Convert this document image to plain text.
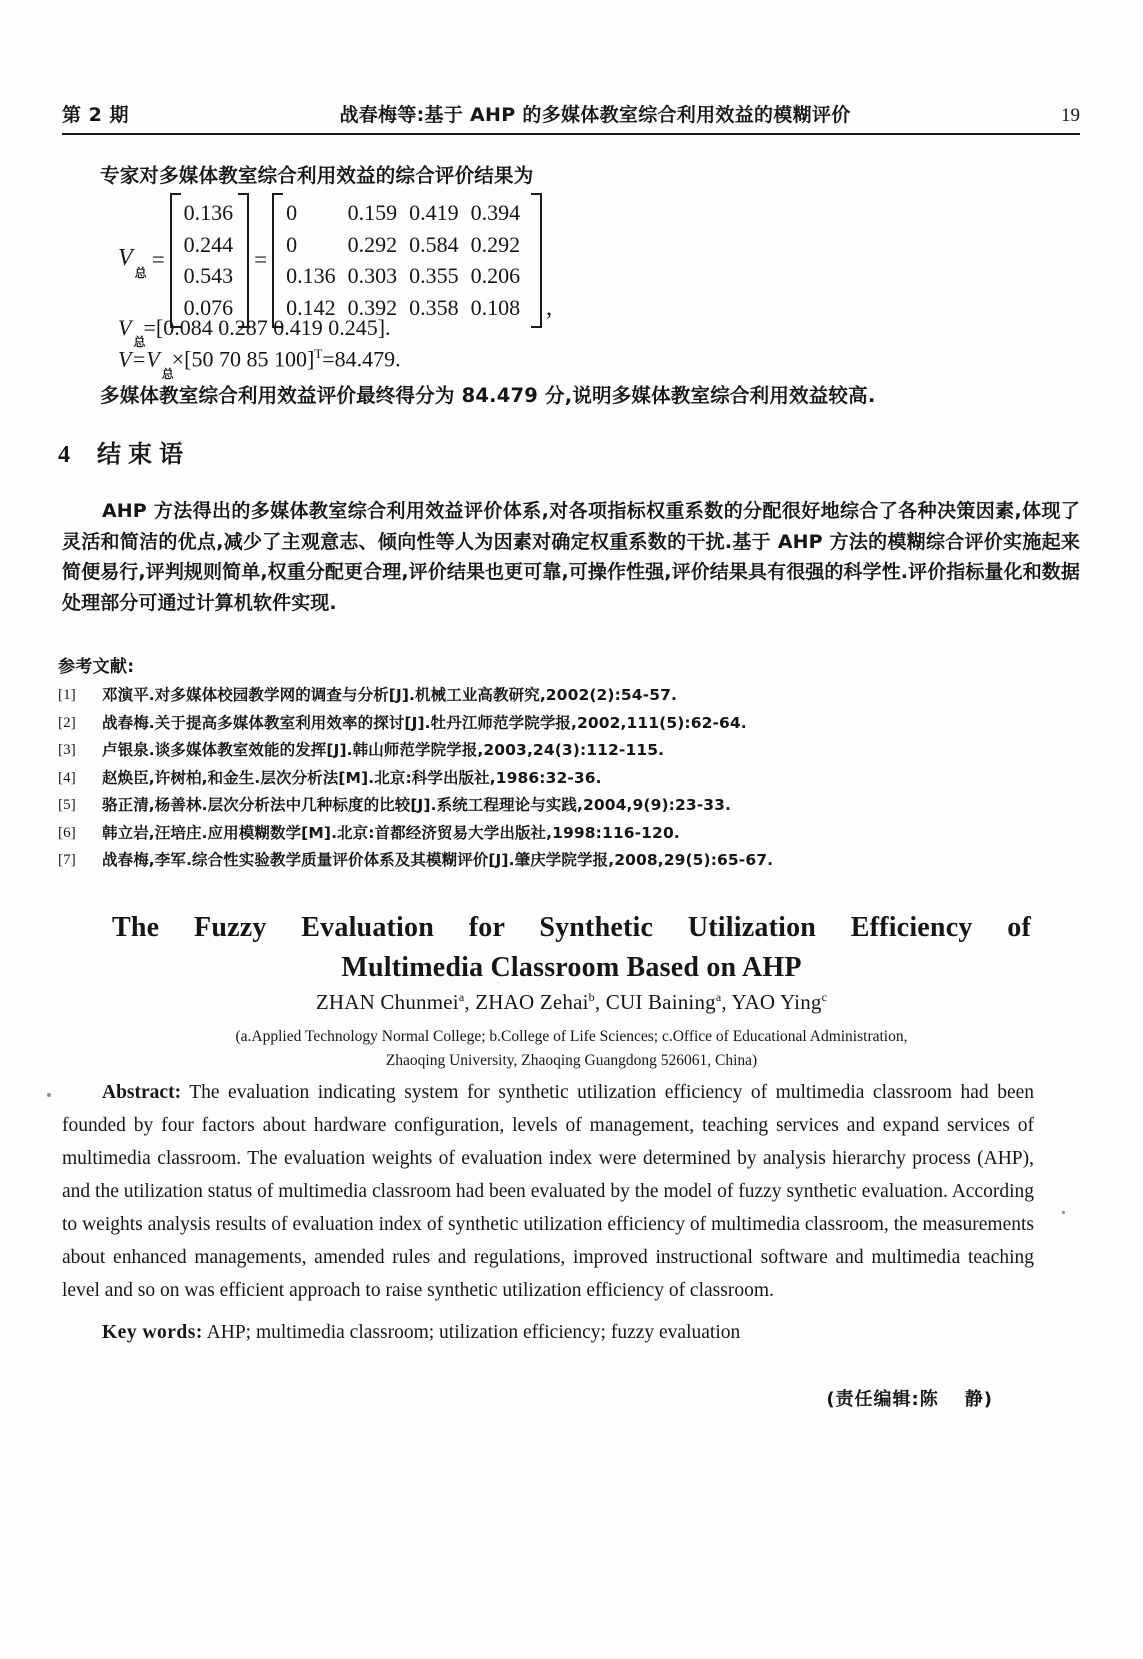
第 2 期	战春梅等:基于 AHP 的多媒体教室综合利用效益的模糊评价	19
专家对多媒体教室综合利用效益的综合评价结果为
$V_总$
=
0.136
0.244
0.543
0.076
=
0	0.159	0.419	0.394
0	0.292	0.584	0.292
0.136	0.303	0.355	0.206
0.142	0.392	0.358	0.108 ,
$V_总=[0.084$ 0.287 0.419 0.245].
$V=V_总\times[50$ 70 85 100]$^T$=84.479.
多媒体教室综合利用效益评价最终得分为 84.479 分,说明多媒体教室综合利用效益较高.
4 结束语
AHP 方法得出的多媒体教室综合利用效益评价体系,对各项指标权重系数的分配很好地综合了各种决策因素,体现了灵活和简洁的优点,减少了主观意志、倾向性等人为因素对确定权重系数的干扰.基于 AHP 方法的模糊综合评价实施起来简便易行,评判规则简单,权重分配更合理,评价结果也更可靠,可操作性强,评价结果具有很强的科学性.评价指标量化和数据处理部分可通过计算机软件实现.
参考文献:
[1]	邓演平.对多媒体校园教学网的调查与分析[J].机械工业高教研究,2002(2):54-57.
[2]	战春梅.关于提高多媒体教室利用效率的探讨[J].牡丹江师范学院学报,2002,111(5):62-64.
[3]	卢银泉.谈多媒体教室效能的发挥[J].韩山师范学院学报,2003,24(3):112-115.
[4]	赵焕臣,许树柏,和金生.层次分析法[M].北京:科学出版社,1986:32-36.
[5]	骆正清,杨善林.层次分析法中几种标度的比较[J].系统工程理论与实践,2004,9(9):23-33.
[6]	韩立岩,汪培庄.应用模糊数学[M].北京:首都经济贸易大学出版社,1998:116-120.
[7]	战春梅,李军.综合性实验教学质量评价体系及其模糊评价[J].肇庆学院学报,2008,29(5):65-67.
The Fuzzy Evaluation for Synthetic Utilization Efficiency of
Multimedia Classroom Based on AHP
ZHAN Chunmei$^a$, ZHAO Zehai$^b$, CUI Baining$^a$, YAO Ying$^c$
(a.Applied Technology Normal College; b.College of Life Sciences; c.Office of Educational Administration,
Zhaoqing University, Zhaoqing Guangdong 526061, China)
Abstract: The evaluation indicating system for synthetic utilization efficiency of multimedia classroom had been founded by four factors about hardware configuration, levels of management, teaching services and expand services of multimedia classroom. The evaluation weights of evaluation index were determined by analysis hierarchy process (AHP), and the utilization status of multimedia classroom had been evaluated by the model of fuzzy synthetic evaluation. According to weights analysis results of evaluation index of synthetic utilization efficiency of multimedia classroom, the measurements about enhanced managements, amended rules and regulations, improved instructional software and multimedia teaching level and so on was efficient approach to raise synthetic utilization efficiency of classroom.
Key words: AHP; multimedia classroom; utilization efficiency; fuzzy evaluation
(责任编辑:陈 静)
